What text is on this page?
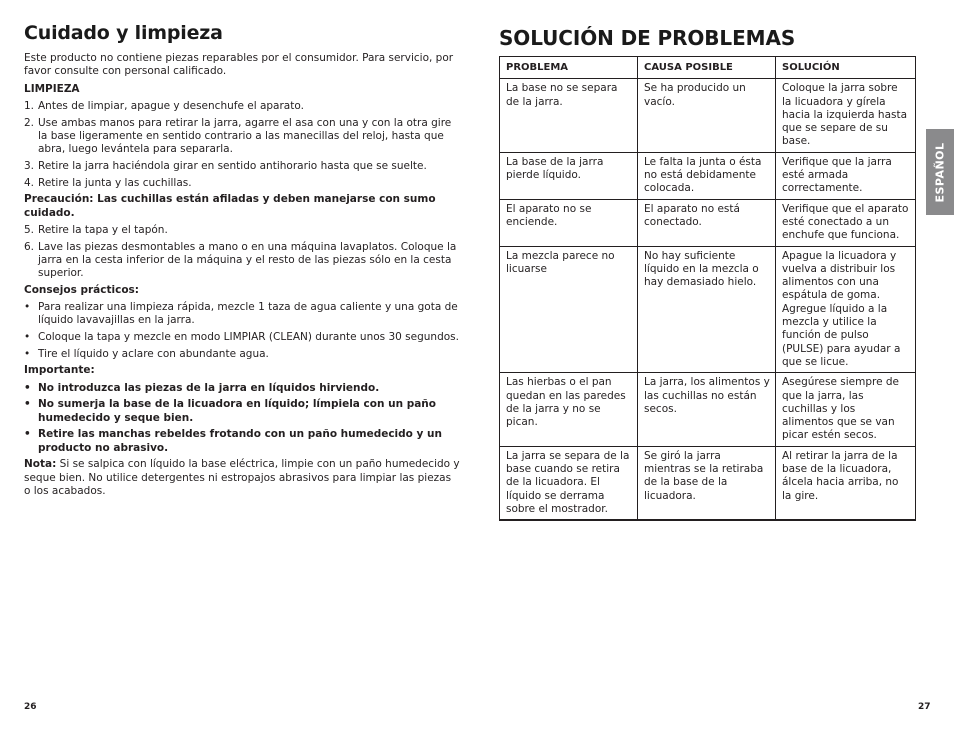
Cuidado y limpieza
Este producto no contiene piezas reparables por el consumidor. Para servicio, por favor consulte con personal calificado.
LIMPIEZA
1. Antes de limpiar, apague y desenchufe el aparato.
2. Use ambas manos para retirar la jarra, agarre el asa con una y con la otra gire la base ligeramente en sentido contrario a las manecillas del reloj, hasta que abra, luego levántela para separarla.
3. Retire la jarra haciéndola girar en sentido antihorario hasta que se suelte.
4. Retire la junta y las cuchillas.
Precaución: Las cuchillas están afiladas y deben manejarse con sumo cuidado.
5. Retire la tapa y el tapón.
6. Lave las piezas desmontables a mano o en una máquina lavaplatos. Coloque la jarra en la cesta inferior de la máquina y el resto de las piezas sólo en la cesta superior.
Consejos prácticos:
• Para realizar una limpieza rápida, mezcle 1 taza de agua caliente y una gota de líquido lavavajillas en la jarra.
• Coloque la tapa y mezcle en modo LIMPIAR (CLEAN) durante unos 30 segundos.
• Tire el líquido y aclare con abundante agua.
Importante:
• No introduzca las piezas de la jarra en líquidos hirviendo.
• No sumerja la base de la licuadora en líquido; límpiela con un paño humedecido y seque bien.
• Retire las manchas rebeldes frotando con un paño humedecido y un producto no abrasivo.
Nota: Si se salpica con líquido la base eléctrica, limpie con un paño humedecido y seque bien. No utilice detergentes ni estropajos abrasivos para limpiar las piezas o los acabados.
26
SOLUCIÓN DE PROBLEMAS
PROBLEMA	CAUSA POSIBLE	SOLUCIÓN
La base no se separa de la jarra.	Se ha producido un vacío.	Coloque la jarra sobre la licuadora y gírela hacia la izquierda hasta que se separe de su base.
La base de la jarra pierde líquido.	Le falta la junta o ésta no está debidamente colocada.	Verifique que la jarra esté armada correctamente.
El aparato no se enciende.	El aparato no está conectado.	Verifique que el aparato esté conectado a un enchufe que funciona.
La mezcla parece no licuarse	No hay suficiente líquido en la mezcla o hay demasiado hielo.	Apague la licuadora y vuelva a distribuir los alimentos con una espátula de goma. Agregue líquido a la mezcla y utilice la función de pulso (PULSE) para ayudar a que se licue.
Las hierbas o el pan quedan en las paredes de la jarra y no se pican.	La jarra, los alimentos y las cuchillas no están secos.	Asegúrese siempre de que la jarra, las cuchillas y los alimentos que se van picar estén secos.
La jarra se separa de la base cuando se retira de la licuadora. El líquido se derrama sobre el mostrador.	Se giró la jarra mientras se la retiraba de la base de la licuadora.	Al retirar la jarra de la base de la licuadora, álcela hacia arriba, no la gire.
ESPAÑOL
27
